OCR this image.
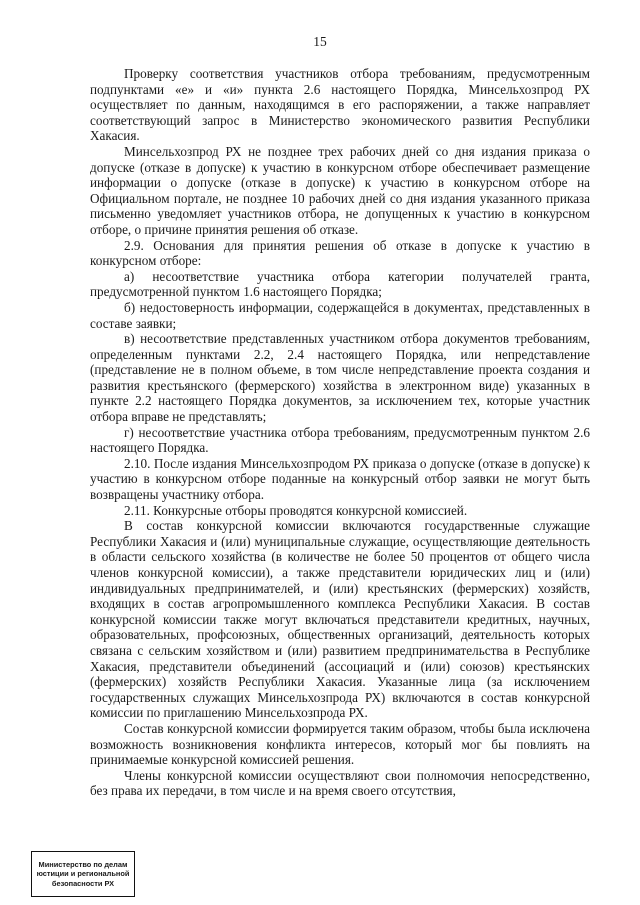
15

Проверку соответствия участников отбора требованиям, предусмотренным подпунктами «е» и «и» пункта 2.6 настоящего Порядка, Минсельхозпрод РХ осуществляет по данным, находящимся в его распоряжении, а также направляет соответствующий запрос в Министерство экономического развития Республики Хакасия.

Минсельхозпрод РХ не позднее трех рабочих дней со дня издания приказа о допуске (отказе в допуске) к участию в конкурсном отборе обеспечивает размещение информации о допуске (отказе в допуске) к участию в конкурсном отборе на Официальном портале, не позднее 10 рабочих дней со дня издания указанного приказа письменно уведомляет участников отбора, не допущенных к участию в конкурсном отборе, о причине принятия решения об отказе.

2.9. Основания для принятия решения об отказе в допуске к участию в конкурсном отборе:

а) несоответствие участника отбора категории получателей гранта, предусмотренной пунктом 1.6 настоящего Порядка;

б) недостоверность информации, содержащейся в документах, представленных в составе заявки;

в) несоответствие представленных участником отбора документов требованиям, определенным пунктами 2.2, 2.4 настоящего Порядка, или непредставление (представление не в полном объеме, в том числе непредставление проекта создания и развития крестьянского (фермерского) хозяйства в электронном виде) указанных в пункте 2.2 настоящего Порядка документов, за исключением тех, которые участник отбора вправе не представлять;

г) несоответствие участника отбора требованиям, предусмотренным пунктом 2.6 настоящего Порядка.

2.10. После издания Минсельхозпродом РХ приказа о допуске (отказе в допуске) к участию в конкурсном отборе поданные на конкурсный отбор заявки не могут быть возвращены участнику отбора.

2.11. Конкурсные отборы проводятся конкурсной комиссией.

В состав конкурсной комиссии включаются государственные служащие Республики Хакасия и (или) муниципальные служащие, осуществляющие деятельность в области сельского хозяйства (в количестве не более 50 процентов от общего числа членов конкурсной комиссии), а также представители юридических лиц и (или) индивидуальных предпринимателей, и (или) крестьянских (фермерских) хозяйств, входящих в состав агропромышленного комплекса Республики Хакасия. В состав конкурсной комиссии также могут включаться представители кредитных, научных, образовательных, профсоюзных, общественных организаций, деятельность которых связана с сельским хозяйством и (или) развитием предпринимательства в Республике Хакасия, представители объединений (ассоциаций и (или) союзов) крестьянских (фермерских) хозяйств Республики Хакасия. Указанные лица (за исключением государственных служащих Минсельхозпрода РХ) включаются в состав конкурсной комиссии по приглашению Минсельхозпрода РХ.

Состав конкурсной комиссии формируется таким образом, чтобы была исключена возможность возникновения конфликта интересов, который мог бы повлиять на принимаемые конкурсной комиссией решения.

Члены конкурсной комиссии осуществляют свои полномочия непосредственно, без права их передачи, в том числе и на время своего отсутствия,

Министерство по делам
юстиции и региональной
безопасности РХ
